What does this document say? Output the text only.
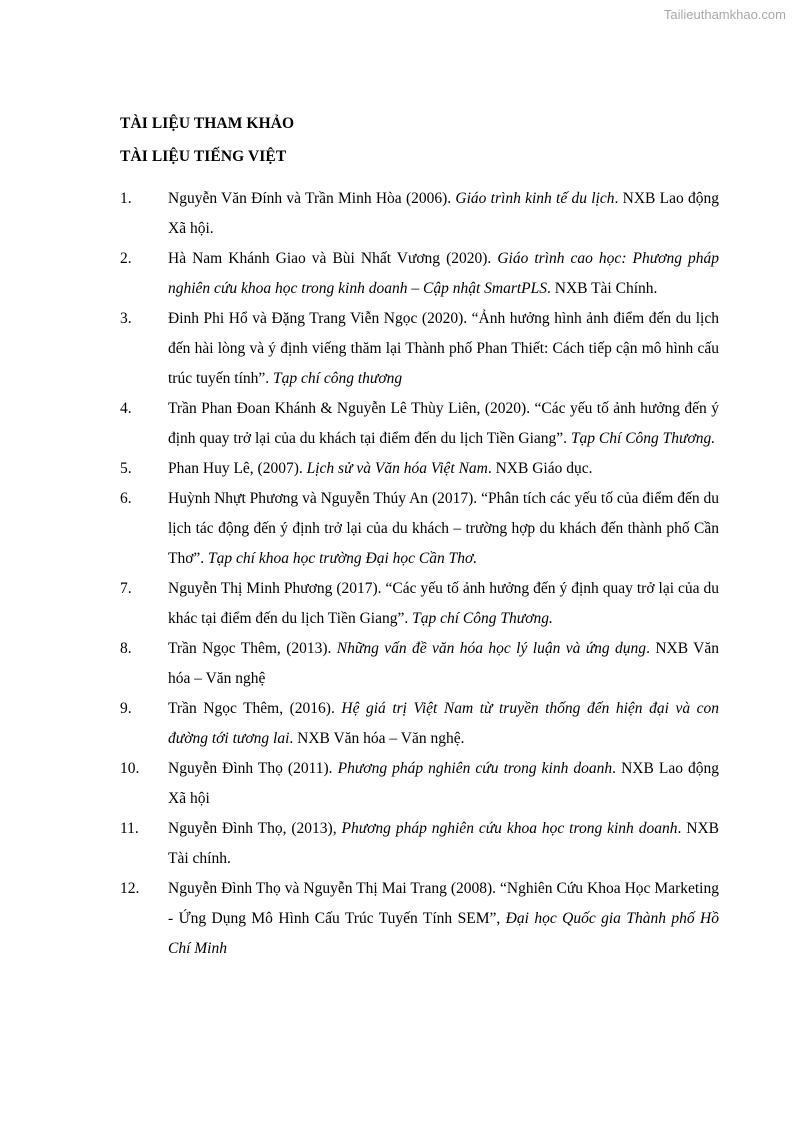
Tailieuthamkhao.com
TÀI LIỆU THAM KHẢO
TÀI LIỆU TIẾNG VIỆT
1. Nguyễn Văn Đính và Trần Minh Hòa (2006). Giáo trình kinh tế du lịch. NXB Lao động Xã hội.
2. Hà Nam Khánh Giao và Bùi Nhất Vương (2020). Giáo trình cao học: Phương pháp nghiên cứu khoa học trong kinh doanh – Cập nhật SmartPLS. NXB Tài Chính.
3. Đinh Phi Hổ và Đặng Trang Viễn Ngọc (2020). “Ảnh hưởng hình ảnh điểm đến du lịch đến hài lòng và ý định viếng thăm lại Thành phố Phan Thiết: Cách tiếp cận mô hình cấu trúc tuyến tính”. Tạp chí công thương
4. Trần Phan Đoan Khánh & Nguyễn Lê Thùy Liên, (2020). “Các yếu tố ảnh hưởng đến ý định quay trở lại của du khách tại điểm đến du lịch Tiền Giang”. Tạp Chí Công Thương.
5. Phan Huy Lê, (2007). Lịch sử và Văn hóa Việt Nam. NXB Giáo dục.
6. Huỳnh Nhựt Phương và Nguyễn Thúy An (2017). “Phân tích các yếu tố của điểm đến du lịch tác động đến ý định trở lại của du khách – trường hợp du khách đến thành phố Cần Thơ”. Tạp chí khoa học trường Đại học Cần Thơ.
7. Nguyễn Thị Minh Phương (2017). “Các yếu tố ảnh hưởng đến ý định quay trở lại của du khác tại điểm đến du lịch Tiền Giang”. Tạp chí Công Thương.
8. Trần Ngọc Thêm, (2013). Những vấn đề văn hóa học lý luận và ứng dụng. NXB Văn hóa – Văn nghệ
9. Trần Ngọc Thêm, (2016). Hệ giá trị Việt Nam từ truyền thống đến hiện đại và con đường tới tương lai. NXB Văn hóa – Văn nghệ.
10. Nguyễn Đình Thọ (2011). Phương pháp nghiên cứu trong kinh doanh. NXB Lao động Xã hội
11. Nguyễn Đình Thọ, (2013), Phương pháp nghiên cứu khoa học trong kinh doanh. NXB Tài chính.
12. Nguyễn Đình Thọ và Nguyễn Thị Mai Trang (2008). “Nghiên Cứu Khoa Học Marketing - Ứng Dụng Mô Hình Cấu Trúc Tuyến Tính SEM”, Đại học Quốc gia Thành phố Hồ Chí Minh
